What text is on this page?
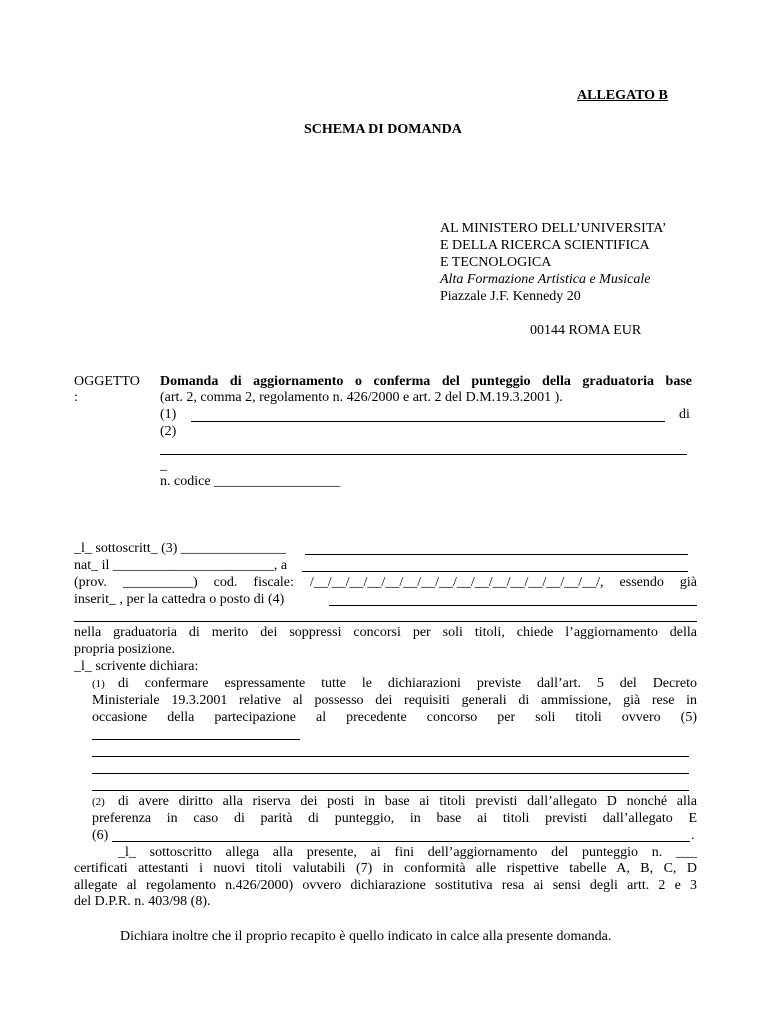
ALLEGATO B
SCHEMA DI DOMANDA
AL MINISTERO DELL’UNIVERSITA’
E DELLA RICERCA SCIENTIFICA
E TECNOLOGICA
Alta Formazione Artistica e Musicale
Piazzale J.F. Kennedy 20
00144 ROMA EUR
OGGETTO
:
Domanda di aggiornamento o conferma del punteggio della graduatoria base
(art. 2, comma 2, regolamento n. 426/2000 e art. 2 del D.M.19.3.2001 ).
(1)	di
(2)
_
n. codice __________________
_l_ sottoscritt_ (3) _______________
nat_ il _______________________, a
(prov. __________) cod. fiscale: /__/__/__/__/__/__/__/__/__/__/__/__/__/__/__/__/, essendo già
inserit_ , per la cattedra o posto di (4)
nella graduatoria di merito dei soppressi concorsi per soli titoli, chiede l’aggiornamento della
propria posizione.
_l_ scrivente dichiara:
(1) di confermare espressamente tutte le dichiarazioni previste dall’art. 5 del Decreto
Ministeriale 19.3.2001 relative al possesso dei requisiti generali di ammissione, già rese in
occasione della partecipazione al precedente concorso per soli titoli ovvero (5)
(2) di avere diritto alla riserva dei posti in base ai titoli previsti dall’allegato D nonché alla
preferenza in caso di parità di punteggio, in base ai titoli previsti dall’allegato E
(6)	.
_l_ sottoscritto allega alla presente, ai fini dell’aggiornamento del punteggio n. ___
certificati attestanti i nuovi titoli valutabili (7) in conformità alle rispettive tabelle A, B, C, D
allegate al regolamento n.426/2000) ovvero dichiarazione sostitutiva resa ai sensi degli artt. 2 e 3
del D.P.R. n. 403/98 (8).
Dichiara inoltre che il proprio recapito è quello indicato in calce alla presente domanda.
